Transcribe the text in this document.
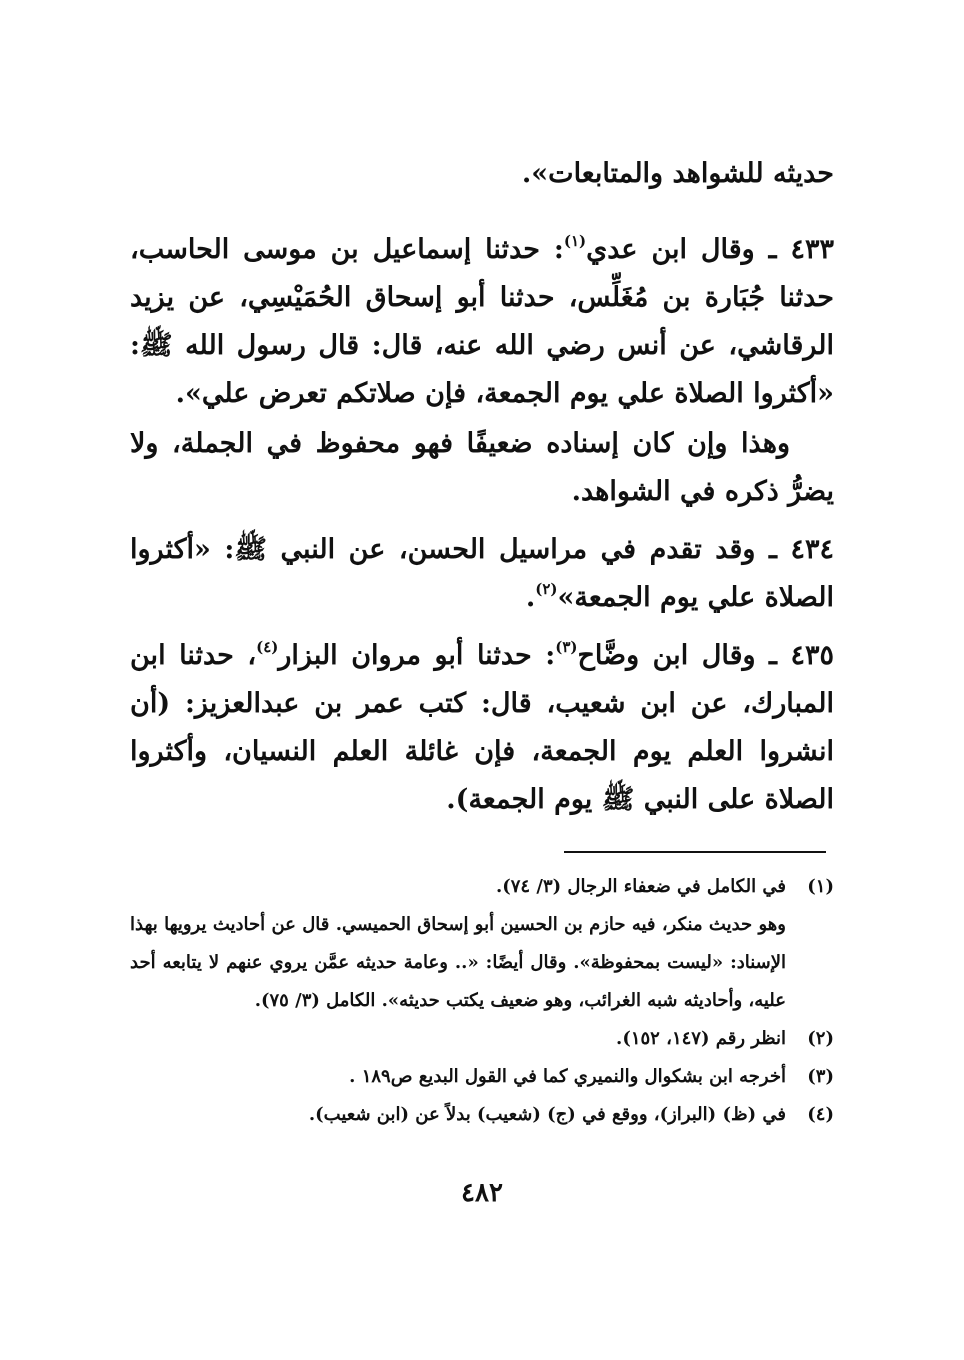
حديثه للشواهد والمتابعات».

٤٣٣ ـ وقال ابن عدي$^{(١)}$: حدثنا إسماعيل بن موسى الحاسب، حدثنا جُبَارة بن مُغَلِّس، حدثنا أبو إسحاق الحُمَيْسِي، عن يزيد الرقاشي، عن أنس رضي الله عنه، قال: قال رسول الله ﷺ: «أكثروا الصلاة علي يوم الجمعة، فإن صلاتكم تعرض علي».

وهذا وإن كان إسناده ضعيفًا فهو محفوظ في الجملة، ولا يضرُّ ذكره في الشواهد.

٤٣٤ ـ وقد تقدم في مراسيل الحسن، عن النبي ﷺ: «أكثروا الصلاة علي يوم الجمعة»$^{(٢)}$.

٤٣٥ ـ وقال ابن وضَّاح$^{(٣)}$: حدثنا أبو مروان البزار$^{(٤)}$، حدثنا ابن المبارك، عن ابن شعيب، قال: كتب عمر بن عبدالعزيز: (أن انشروا العلم يوم الجمعة، فإن غائلة العلم النسيان، وأكثروا الصلاة على النبي ﷺ يوم الجمعة).

(١)
في الكامل في ضعفاء الرجال (٣/ ٧٤).
وهو حديث منكر، فيه حازم بن الحسين أبو إسحاق الحميسي. قال عن أحاديث يرويها بهذا الإسناد: «ليست بمحفوظة». وقال أيضًا: «.. وعامة حديثه عمَّن يروي عنهم لا يتابعه أحد عليه، وأحاديثه شبه الغرائب، وهو ضعيف يكتب حديثه». الكامل (٣/ ٧٥).
(٢)
انظر رقم (١٤٧، ١٥٢).
(٣)
أخرجه ابن بشكوال والنميري كما في القول البديع ص١٨٩ .
(٤)
في (ظ) (البراز)، ووقع في (ج) (شعيب) بدلاً عن (ابن شعيب).
٤٨٢
